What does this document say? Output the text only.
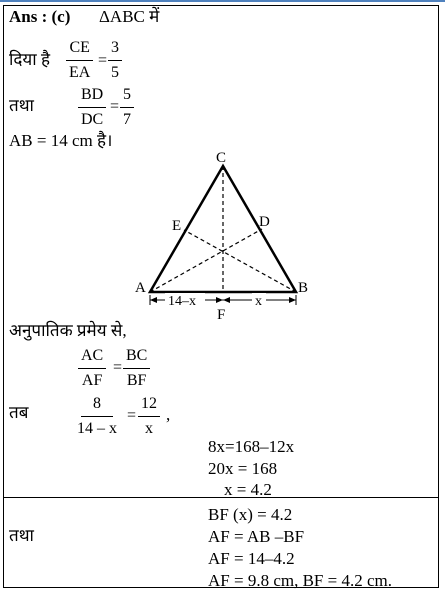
Ans : (c) ΔABC में
दिया है $\frac{CE}{EA} = \frac{3}{5}$
तथा	$\frac{BD}{DC} = \frac{5}{7}$
AB = 14 cm है।
C
A	B
E	D
F
14–x	x
अनुपातिक प्रमेय से,
$\frac{AC}{AF} = \frac{BC}{BF}$
तब	$\frac{8}{14 - x} = \frac{12}{x}$ ,
8x=168–12x
20x = 168
x = 4.2
तथा
BF (x) = 4.2
AF = AB –BF
AF = 14–4.2
AF = 9.8 cm, BF = 4.2 cm.
